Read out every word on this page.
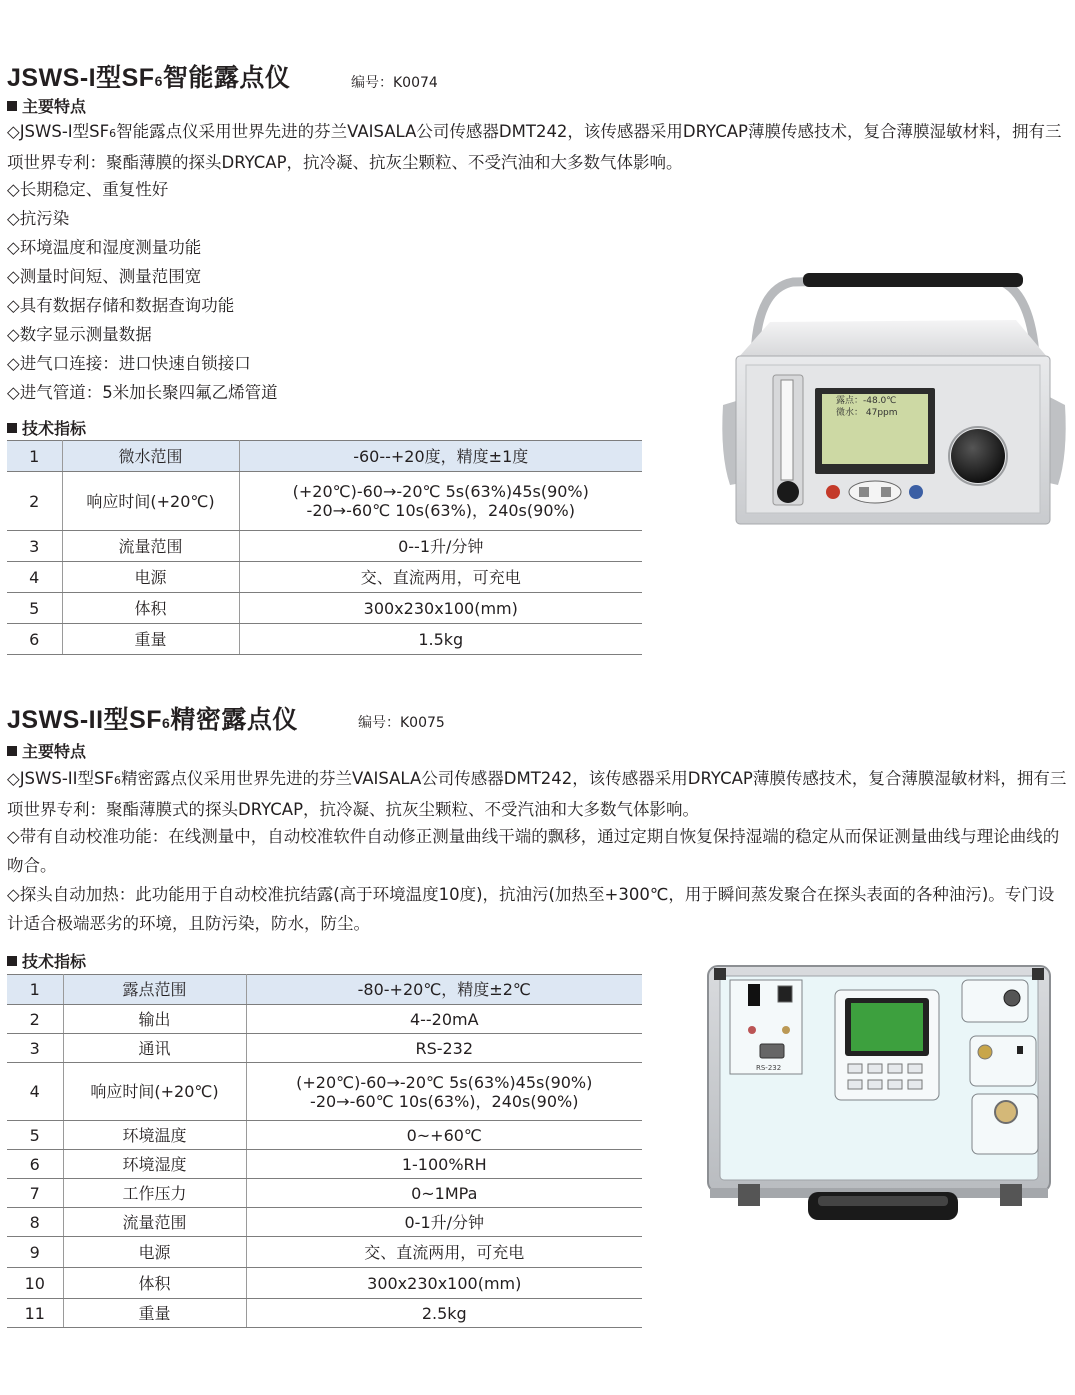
JSWS-I型SF6智能露点仪	编号：K0074
主要特点
◇JSWS-I型SF6智能露点仪采用世界先进的芬兰VAISALA公司传感器DMT242，该传感器采用DRYCAP薄膜传感技术，复合薄膜湿敏材料，拥有三项世界专利：聚酯薄膜的探头DRYCAP，抗冷凝、抗灰尘颗粒、不受汽油和大多数气体影响。
◇长期稳定、重复性好
◇抗污染
◇环境温度和湿度测量功能
◇测量时间短、测量范围宽
◇具有数据存储和数据查询功能
◇数字显示测量数据
◇进气口连接：进口快速自锁接口
◇进气管道：5米加长聚四氟乙烯管道
技术指标
1	微水范围	-60--+20度，精度±1度
2	响应时间(+20℃)	(+20℃)-60→-20℃ 5s(63%)45s(90%)
-20→-60℃ 10s(63%)，240s(90%)

3	流量范围	0--1升/分钟
4	电源	交、直流两用，可充电
5	体积	300x230x100(mm)
6	重量	1.5kg
露点：-48.0℃
微水： 47ppm
JSWS-II型SF6精密露点仪	编号：K0075
主要特点
◇JSWS-II型SF6精密露点仪采用世界先进的芬兰VAISALA公司传感器DMT242，该传感器采用DRYCAP薄膜传感技术，复合薄膜湿敏材料，拥有三项世界专利：聚酯薄膜式的探头DRYCAP，抗冷凝、抗灰尘颗粒、不受汽油和大多数气体影响。
◇带有自动校准功能：在线测量中，自动校准软件自动修正测量曲线干端的飘移，通过定期自恢复保持湿端的稳定从而保证测量曲线与理论曲线的吻合。
◇探头自动加热：此功能用于自动校准抗结露(高于环境温度10度)，抗油污(加热至+300℃，用于瞬间蒸发聚合在探头表面的各种油污)。专门设计适合极端恶劣的环境，且防污染，防水，防尘。
技术指标
1	露点范围	-80-+20℃，精度±2℃
2	输出	4--20mA
3	通讯	RS-232
4	响应时间(+20℃)	(+20℃)-60→-20℃ 5s(63%)45s(90%)
-20→-60℃ 10s(63%)，240s(90%)

5	环境温度	0~+60℃
6	环境湿度	1-100%RH
7	工作压力	0~1MPa
8	流量范围	0-1升/分钟
9	电源	交、直流两用，可充电
10	体积	300x230x100(mm)
11	重量	2.5kg
RS-232
